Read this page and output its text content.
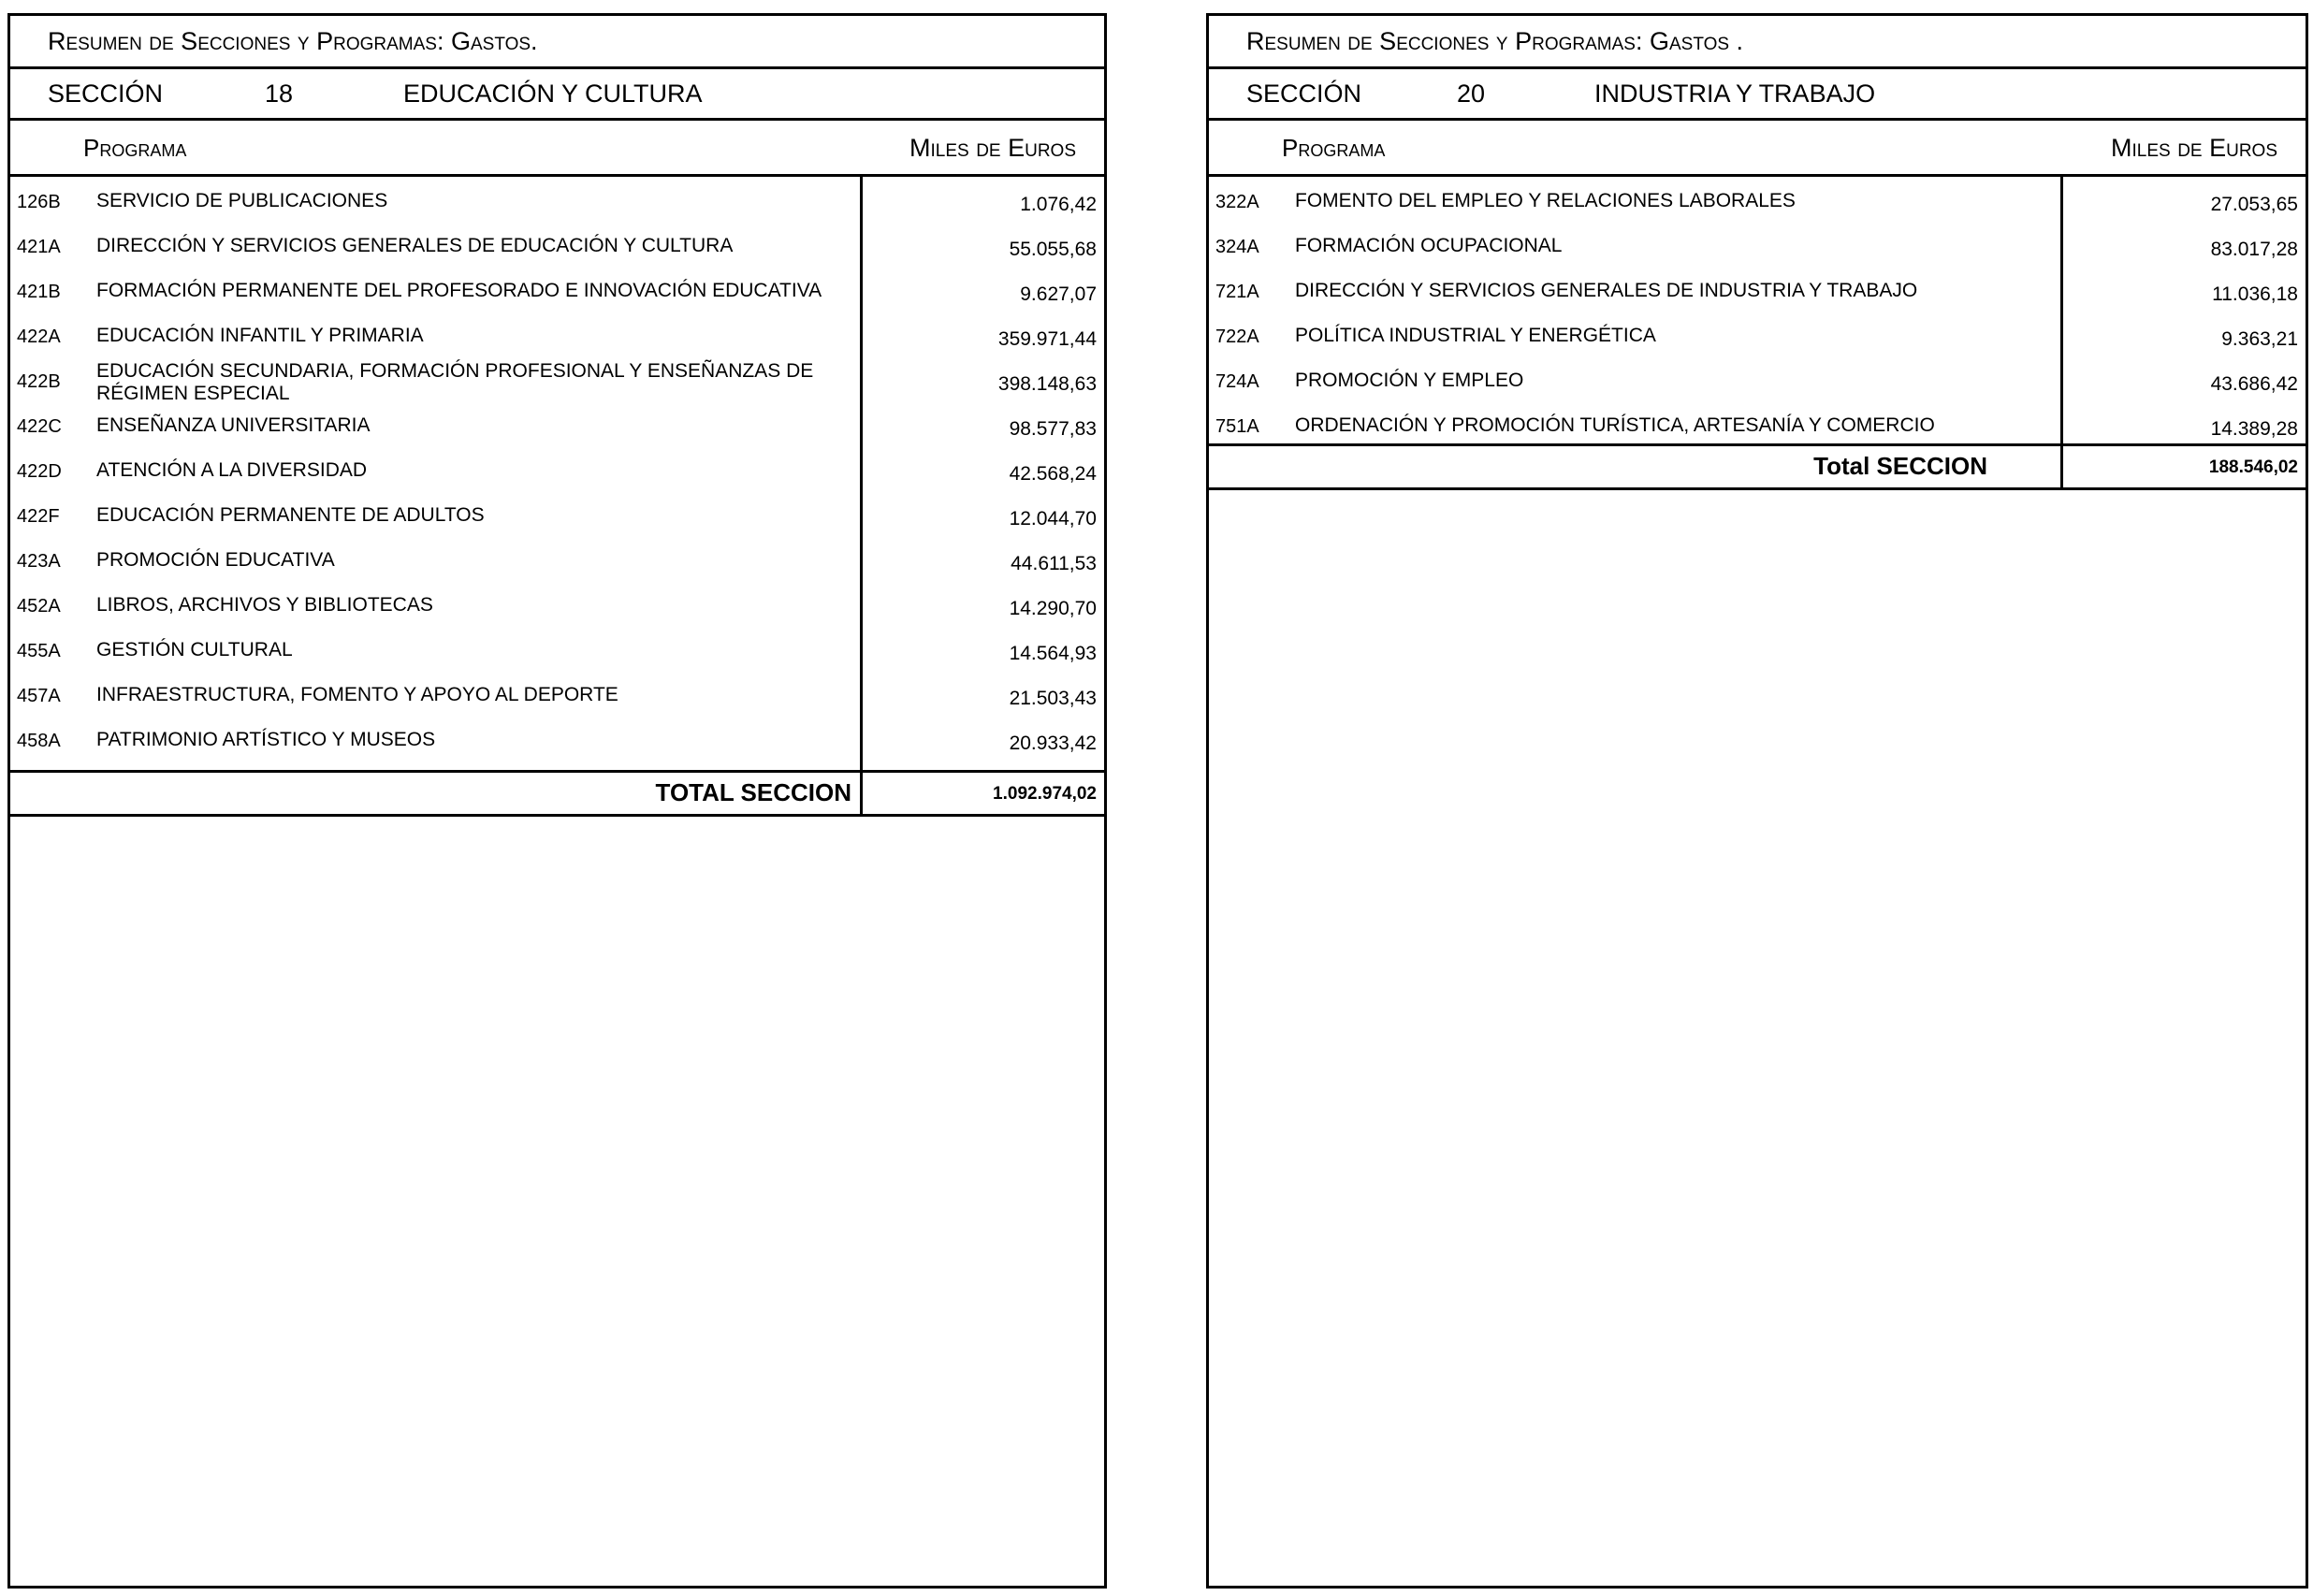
Resumen de Secciones y Programas: Gastos.
SECCIÓN	18	EDUCACIÓN Y CULTURA
Programa	Miles de Euros
126B SERVICIO DE PUBLICACIONES	1.076,42
421A DIRECCIÓN Y SERVICIOS GENERALES DE EDUCACIÓN Y CULTURA	55.055,68
421B FORMACIÓN PERMANENTE DEL PROFESORADO E INNOVACIÓN EDUCATIVA	9.627,07
422A EDUCACIÓN INFANTIL Y PRIMARIA	359.971,44
422B EDUCACIÓN SECUNDARIA, FORMACIÓN PROFESIONAL Y ENSEÑANZAS DE RÉGIMEN ESPECIAL	398.148,63
422C ENSEÑANZA UNIVERSITARIA	98.577,83
422D ATENCIÓN A LA DIVERSIDAD	42.568,24
422F EDUCACIÓN PERMANENTE DE ADULTOS	12.044,70
423A PROMOCIÓN EDUCATIVA	44.611,53
452A LIBROS, ARCHIVOS Y BIBLIOTECAS	14.290,70
455A GESTIÓN CULTURAL	14.564,93
457A INFRAESTRUCTURA, FOMENTO Y APOYO AL DEPORTE	21.503,43
458A PATRIMONIO ARTÍSTICO Y MUSEOS	20.933,42
TOTAL SECCION	1.092.974,02
Resumen de Secciones y Programas: Gastos .
SECCIÓN	20	INDUSTRIA Y TRABAJO
Programa	Miles de Euros
322A FOMENTO DEL EMPLEO Y RELACIONES LABORALES	27.053,65
324A FORMACIÓN OCUPACIONAL	83.017,28
721A DIRECCIÓN Y SERVICIOS GENERALES DE INDUSTRIA Y TRABAJO	11.036,18
722A POLÍTICA INDUSTRIAL Y ENERGÉTICA	9.363,21
724A PROMOCIÓN Y EMPLEO	43.686,42
751A ORDENACIÓN Y PROMOCIÓN TURÍSTICA, ARTESANÍA Y COMERCIO	14.389,28
Total SECCION	188.546,02
